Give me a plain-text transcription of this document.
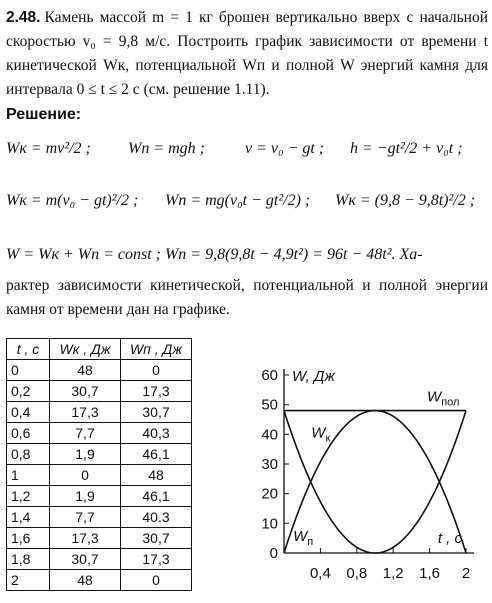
2.48. Камень массой m = 1 кг брошен вертикально вверх с начальной скоростью v₀ = 9,8 м/с. Построить график зависимости от времени t кинетической Wк, потенциальной Wп и полной W энергий камня для интервала 0 ≤ t ≤ 2 с (см. решение 1.11).
Решение:
Wк = mv²/2 ; Wп = mgh ; v = v₀ − gt ; h = −gt²/2 + v₀t ;
Wк = m(v₀ − gt)²/2 ; Wп = mg(v₀t − gt²/2) ; Wк = (9,8 − 9,8t)²/2 ;
W = Wк + Wп = const ; Wп = 9,8(9,8t − 4,9t²) = 96t − 48t². Ха-
рактер зависимости кинетической, потенциальной и полной энергии камня от времени дан на графике.
t , с	Wк , Дж	Wп , Дж
0	48	0
0,2	30,7	17,3
0,4	17,3	30,7
0,6	7,7	40,3
0,8	1,9	46,1
1	0	48
1,2	1,9	46,1
1,4	7,7	40.3
1,6	17,3	30,7
1,8	30,7	17,3
2	48	0
0
10
20
30
40
50
60
0,4 0,8 1,2 1,6 2
W, Дж
t , с
$W_к$
$W_п$
$W_{пол}$
